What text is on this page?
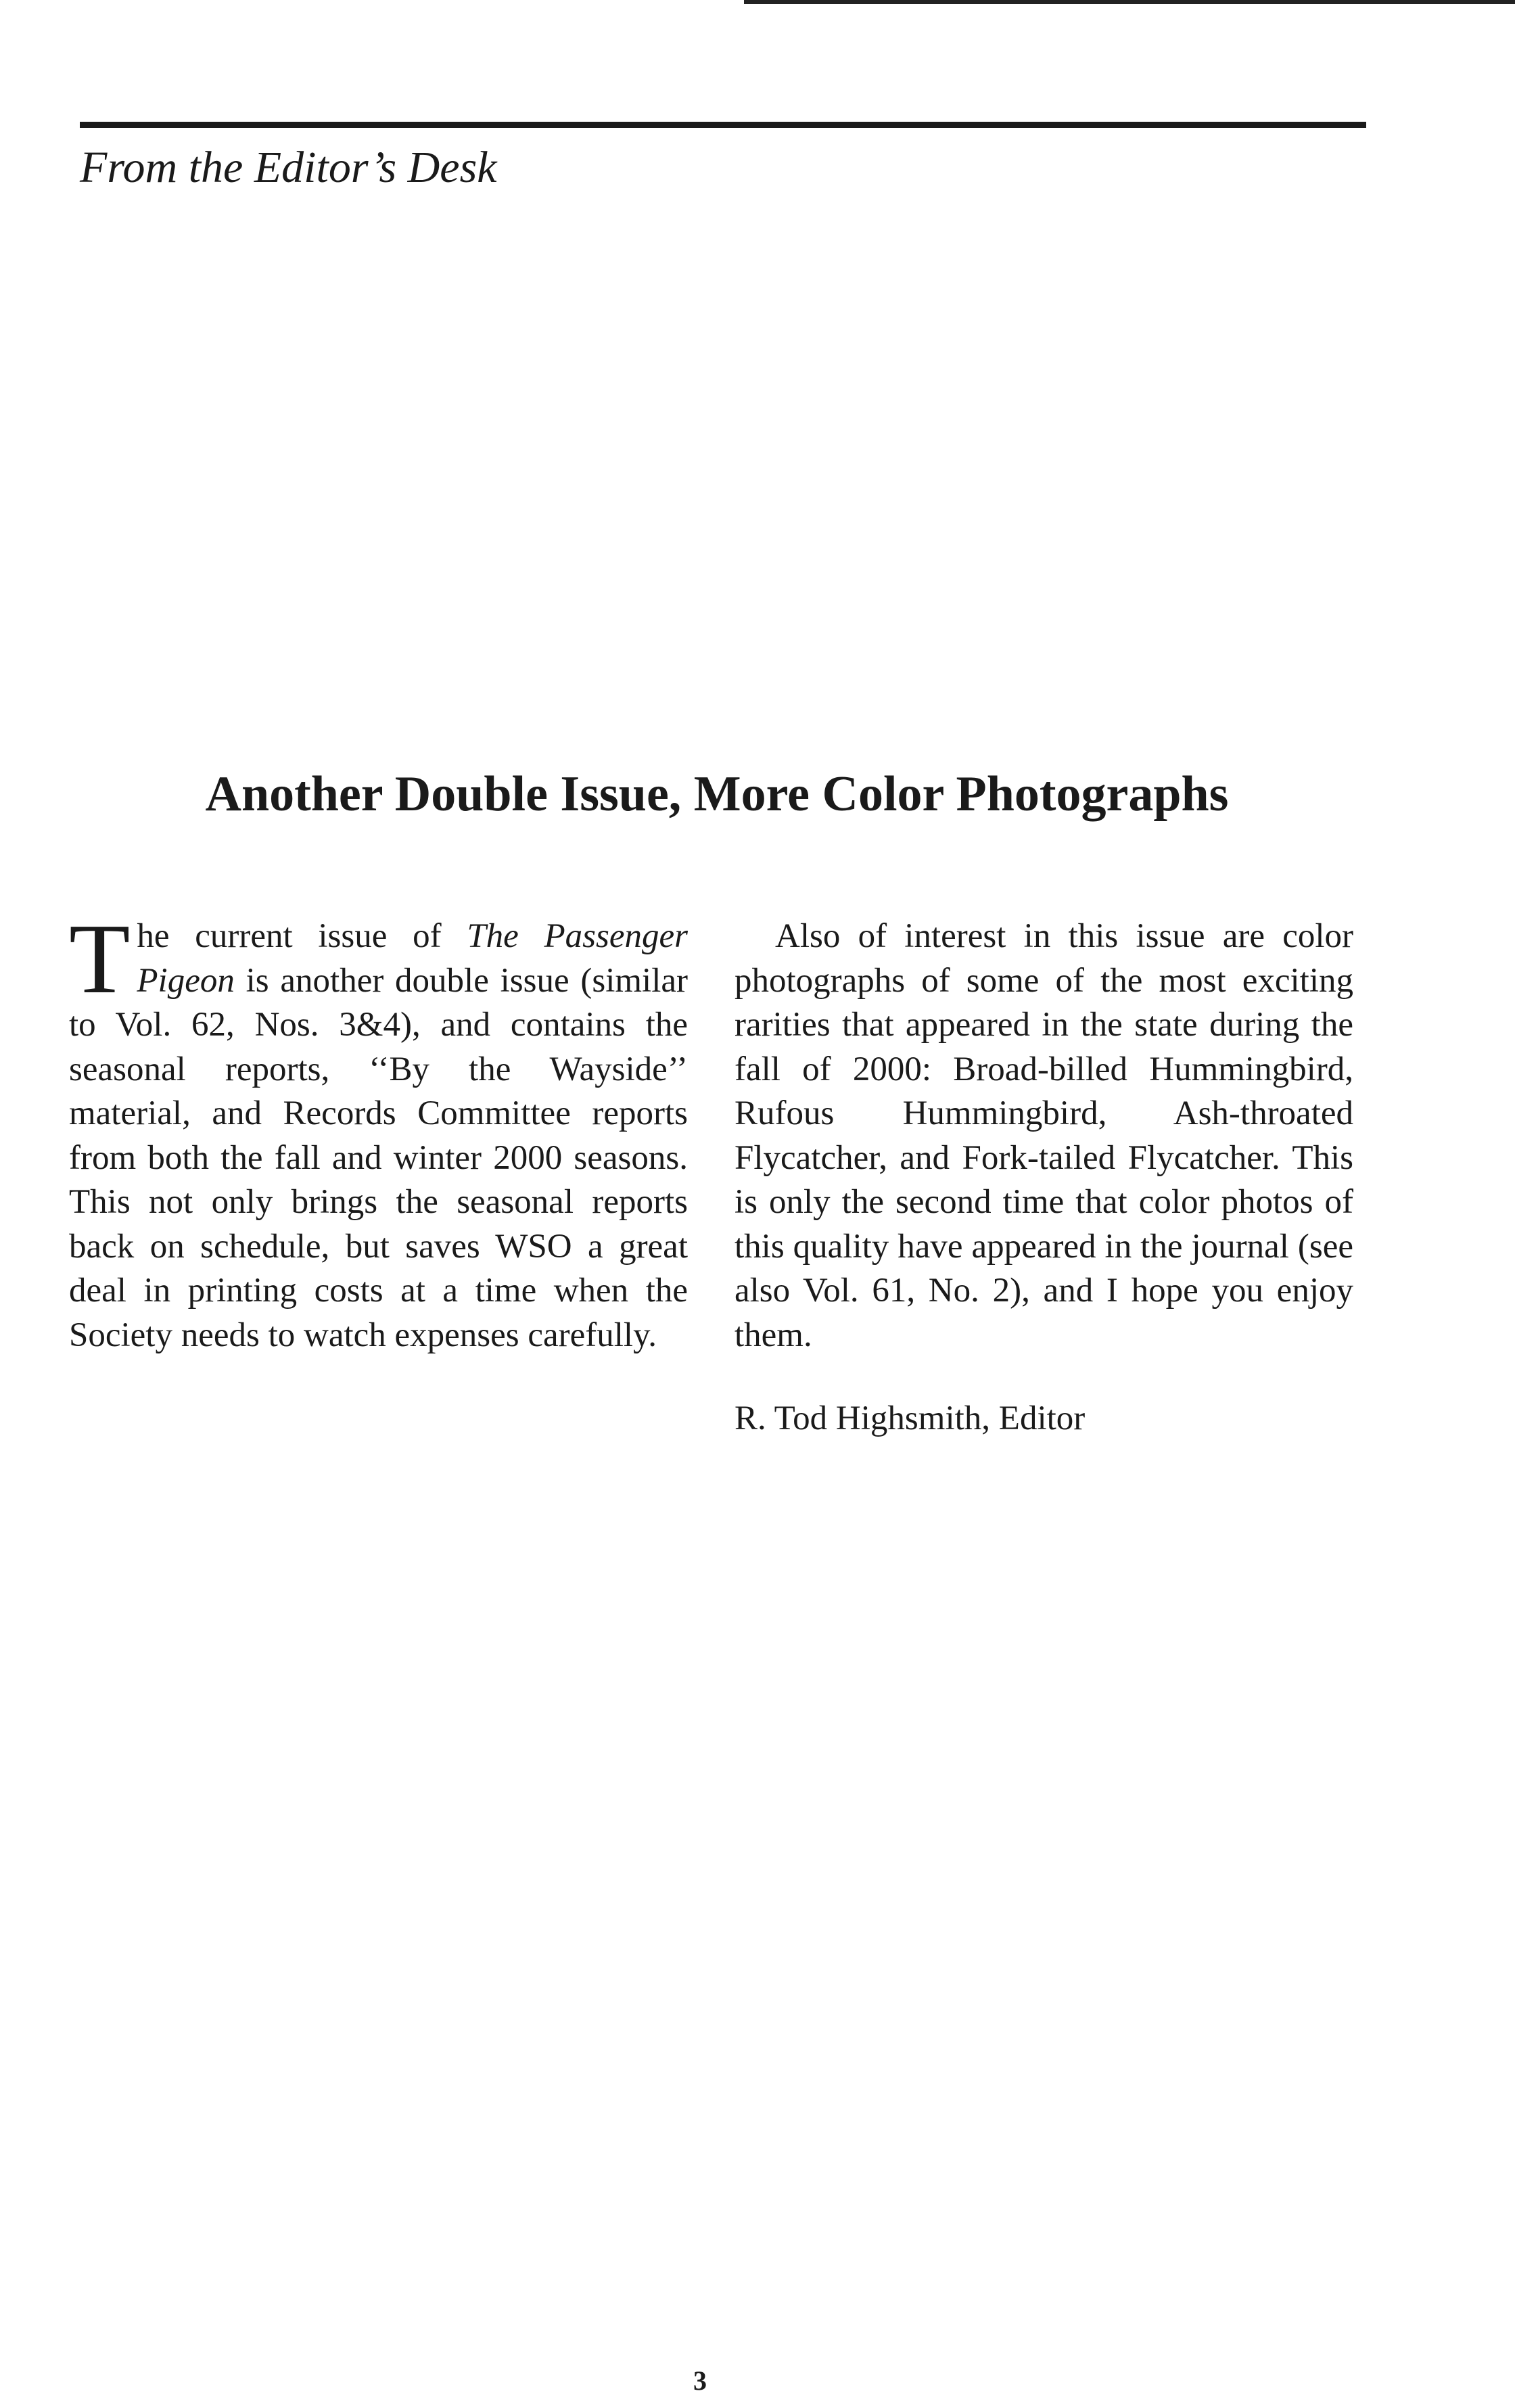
From the Editor’s Desk
Another Double Issue, More Color Photographs

The current issue of The Passenger Pigeon is another double issue (similar to Vol. 62, Nos. 3&4), and contains the seasonal reports, ‘‘By the Wayside’’ material, and Records Committee reports from both the fall and winter 2000 seasons. This not only brings the seasonal reports back on schedule, but saves WSO a great deal in printing costs at a time when the Society needs to watch expenses carefully.

Also of interest in this issue are color photographs of some of the most exciting rarities that appeared in the state during the fall of 2000: Broad-billed Hummingbird, Rufous Hummingbird, Ash-throated Flycatcher, and Fork-tailed Flycatcher. This is only the second time that color photos of this quality have appeared in the journal (see also Vol. 61, No. 2), and I hope you enjoy them.

R. Tod Highsmith, Editor

3
